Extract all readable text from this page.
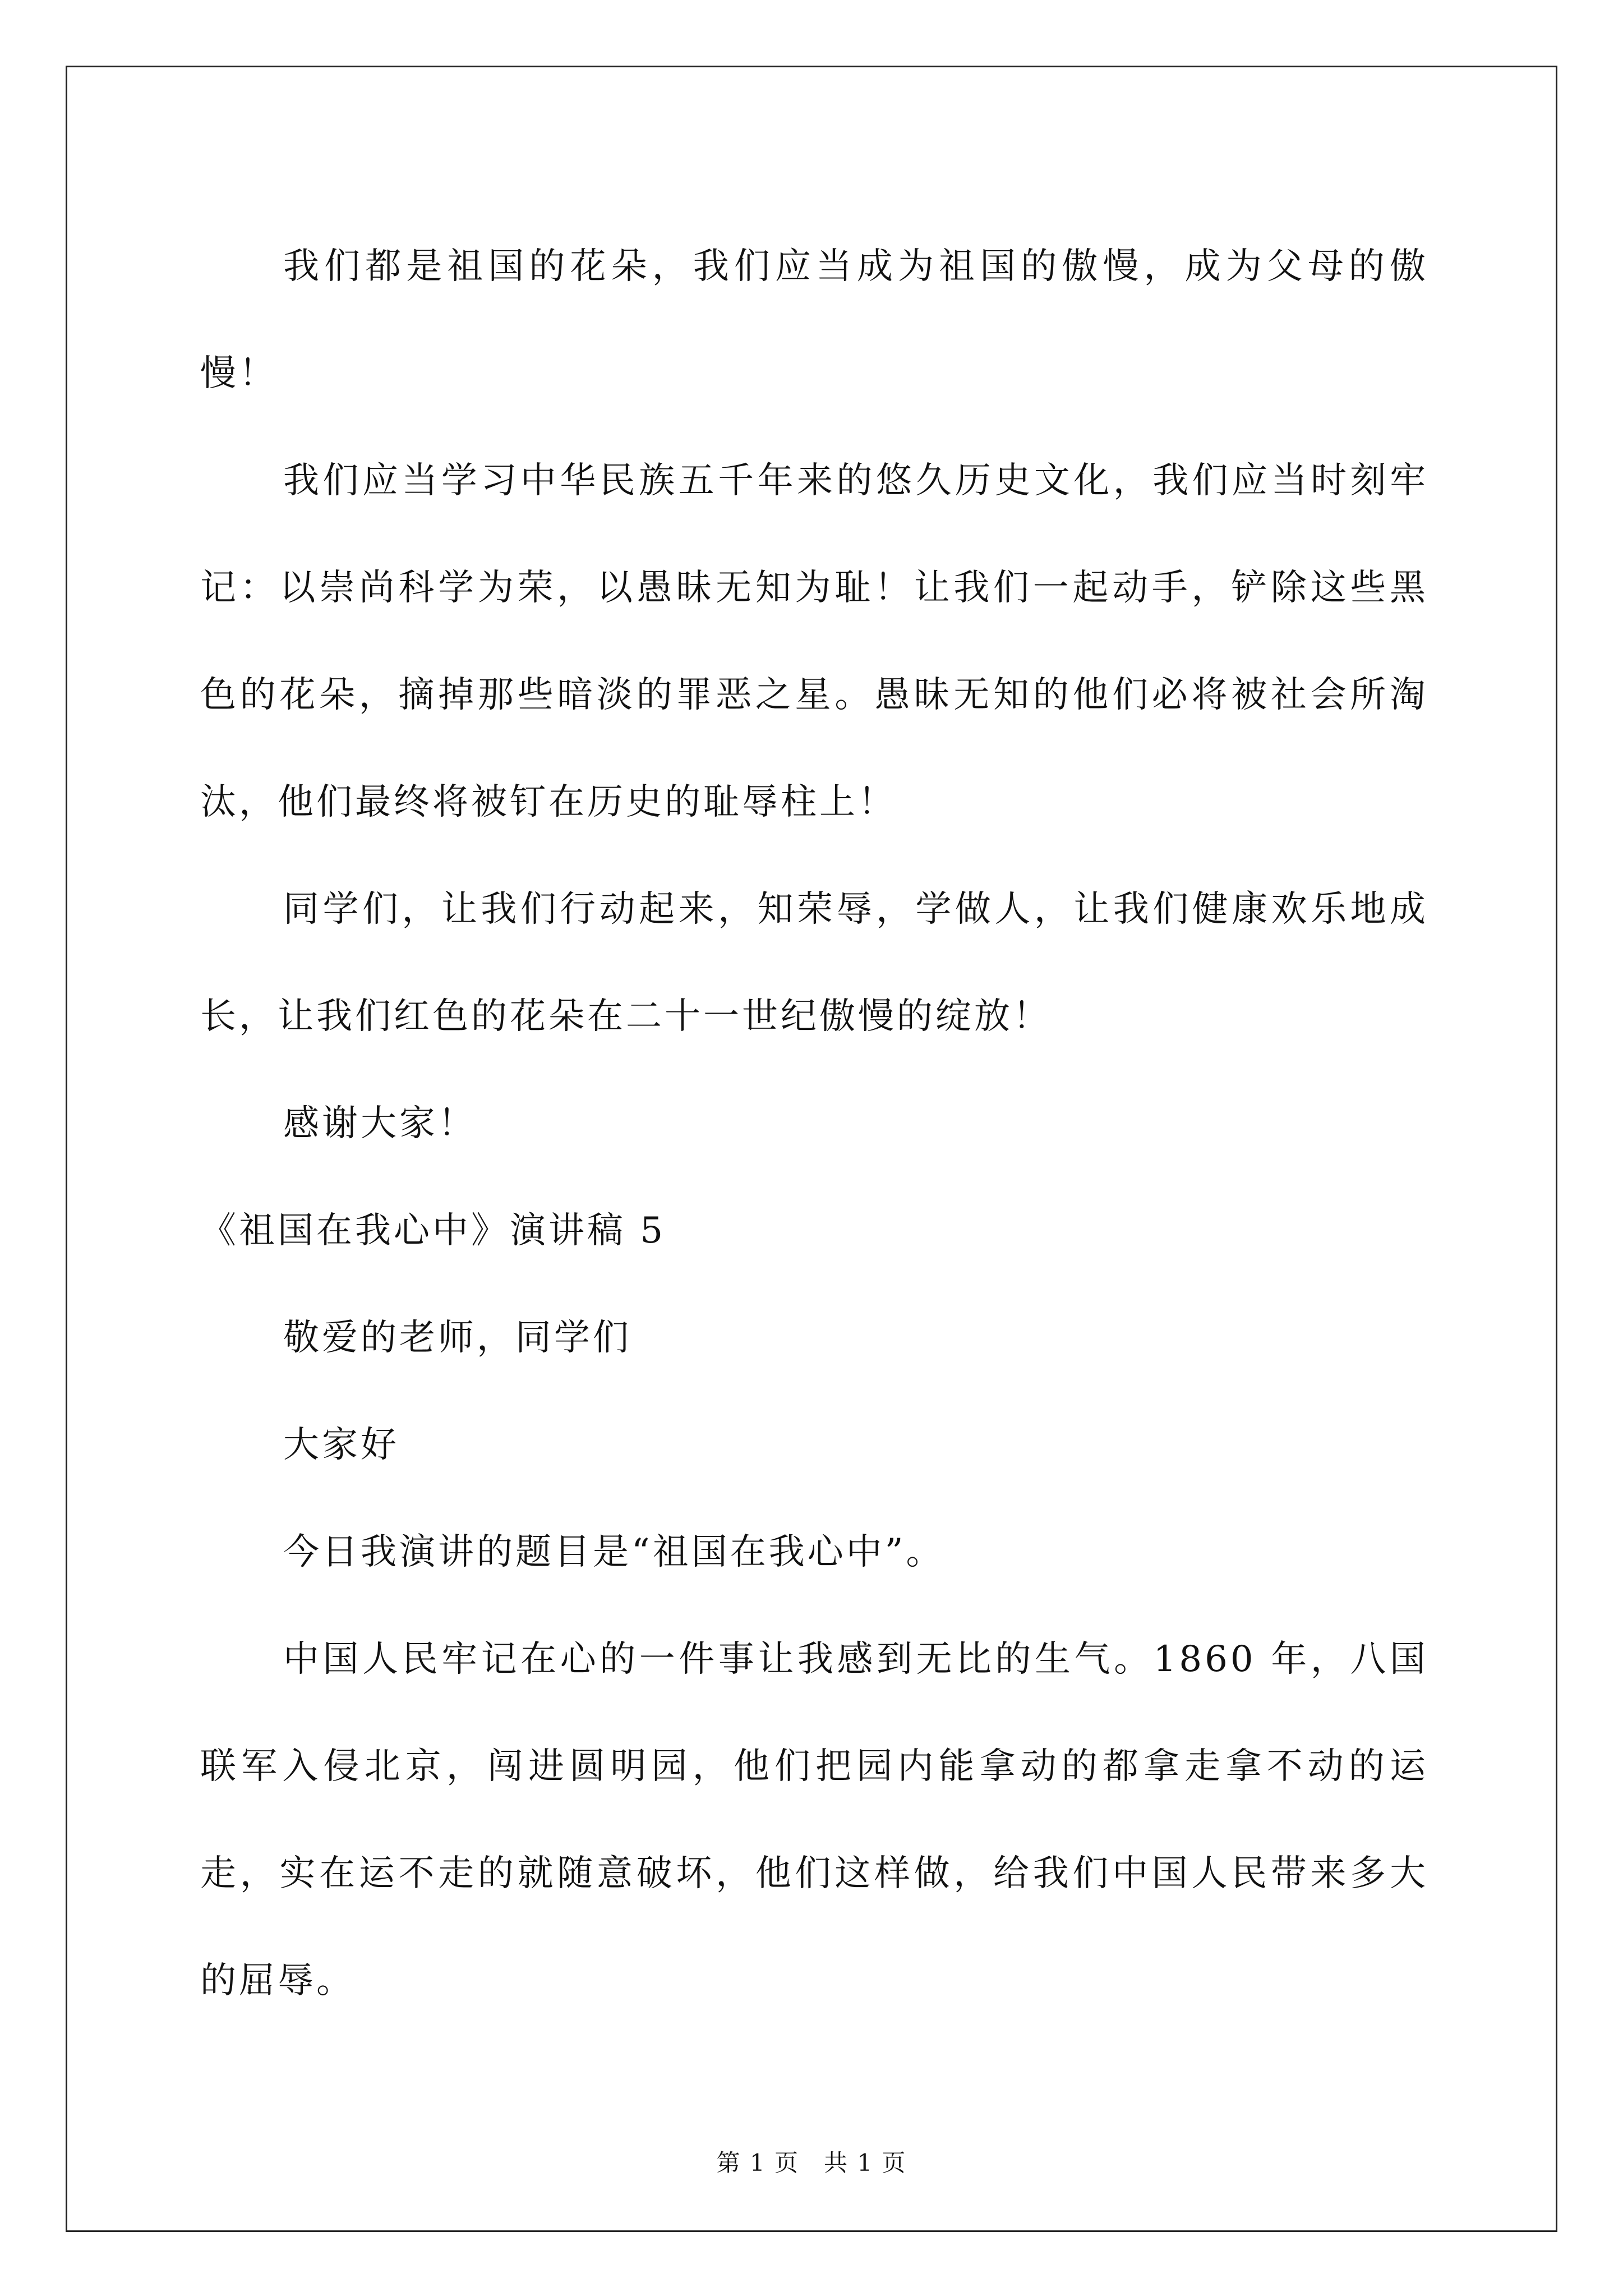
我们都是祖国的花朵，我们应当成为祖国的傲慢，成为父母的傲慢！

我们应当学习中华民族五千年来的悠久历史文化，我们应当时刻牢记：以崇尚科学为荣，以愚昧无知为耻！让我们一起动手，铲除这些黑色的花朵，摘掉那些暗淡的罪恶之星。愚昧无知的他们必将被社会所淘汰，他们最终将被钉在历史的耻辱柱上！

同学们，让我们行动起来，知荣辱，学做人，让我们健康欢乐地成长，让我们红色的花朵在二十一世纪傲慢的绽放！

感谢大家！

《祖国在我心中》演讲稿 5

敬爱的老师，同学们

大家好

今日我演讲的题目是“祖国在我心中”。

中国人民牢记在心的一件事让我感到无比的生气。1860 年，八国联军入侵北京，闯进圆明园，他们把园内能拿动的都拿走拿不动的运走，实在运不走的就随意破坏，他们这样做，给我们中国人民带来多大的屈辱。

第 1 页　共 1 页
